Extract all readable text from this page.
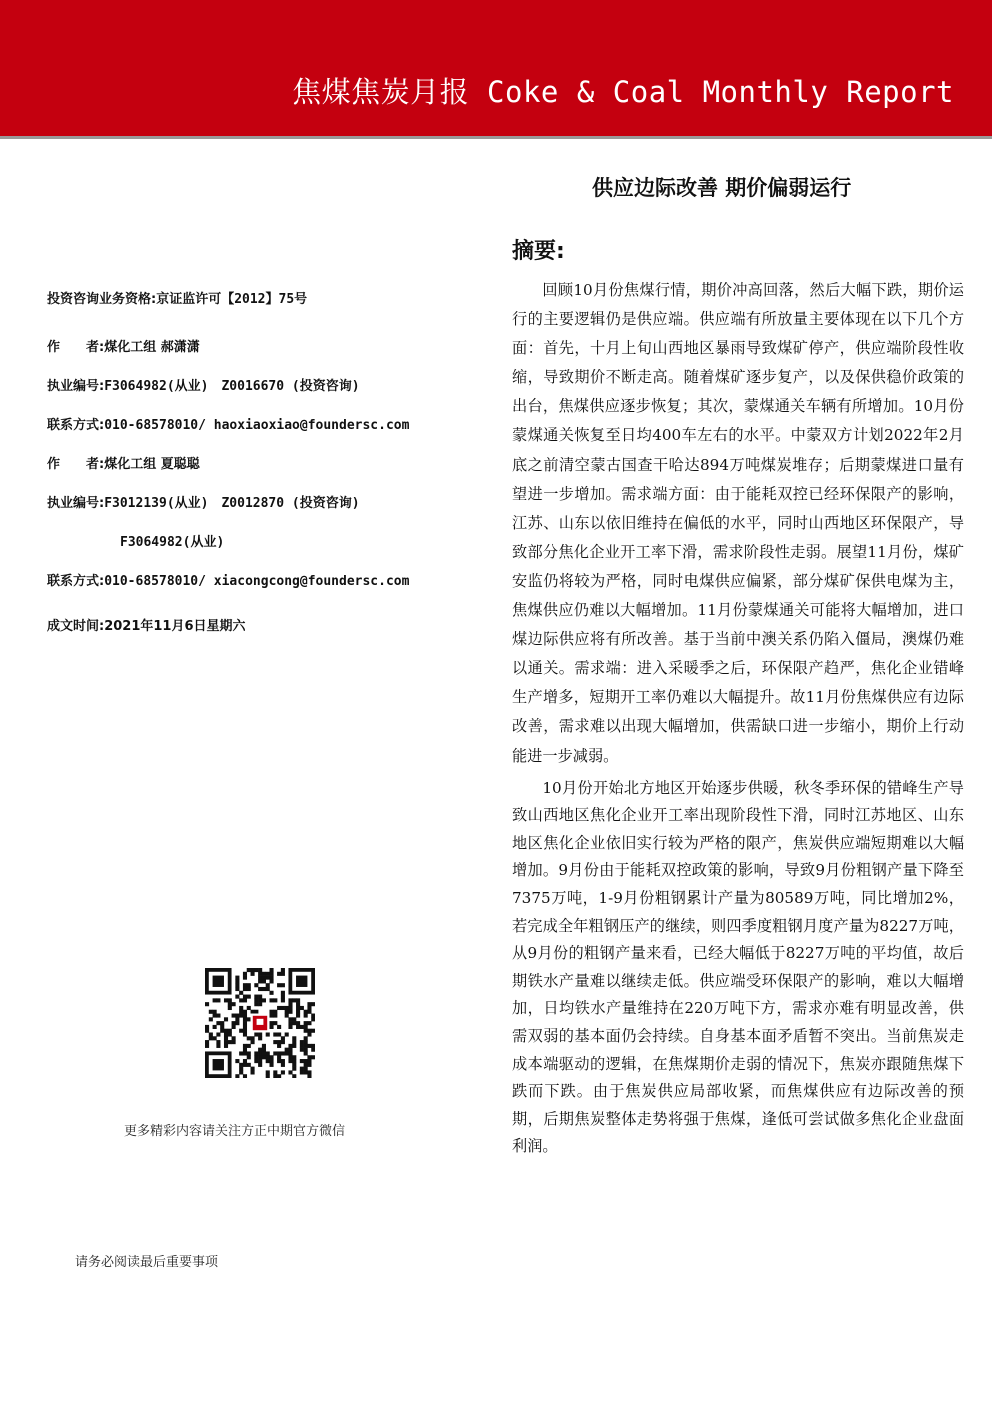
焦煤焦炭月报 Coke & Coal Monthly Report
供应边际改善 期价偏弱运行
摘要:
投资咨询业务资格:京证监许可【2012】75号
作　　者:煤化工组 郝潇潇
执业编号:F3064982(从业)　Z0016670 (投资咨询)
联系方式:010-68578010/ haoxiaoxiao@foundersc.com
作　　者:煤化工组 夏聪聪
执业编号:F3012139(从业)　Z0012870 (投资咨询)
F3064982(从业)
联系方式:010-68578010/ xiacongcong@foundersc.com
成文时间:2021年11月6日星期六

回顾10月份焦煤行情，期价冲高回落，然后大幅下跌，期价运行的主要逻辑仍是供应端。供应端有所放量主要体现在以下几个方面：首先，十月上旬山西地区暴雨导致煤矿停产，供应端阶段性收缩，导致期价不断走高。随着煤矿逐步复产，以及保供稳价政策的出台，焦煤供应逐步恢复；其次，蒙煤通关车辆有所增加。10月份蒙煤通关恢复至日均400车左右的水平。中蒙双方计划2022年2月底之前清空蒙古国查干哈达894万吨煤炭堆存；后期蒙煤进口量有望进一步增加。需求端方面：由于能耗双控已经环保限产的影响，江苏、山东以依旧维持在偏低的水平，同时山西地区环保限产，导致部分焦化企业开工率下滑，需求阶段性走弱。展望11月份，煤矿安监仍将较为严格，同时电煤供应偏紧，部分煤矿保供电煤为主，焦煤供应仍难以大幅增加。11月份蒙煤通关可能将大幅增加，进口煤边际供应将有所改善。基于当前中澳关系仍陷入僵局，澳煤仍难以通关。需求端：进入采暖季之后，环保限产趋严，焦化企业错峰生产增多，短期开工率仍难以大幅提升。故11月份焦煤供应有边际改善，需求难以出现大幅增加，供需缺口进一步缩小，期价上行动能进一步减弱。

10月份开始北方地区开始逐步供暖，秋冬季环保的错峰生产导致山西地区焦化企业开工率出现阶段性下滑，同时江苏地区、山东地区焦化企业依旧实行较为严格的限产，焦炭供应端短期难以大幅增加。9月份由于能耗双控政策的影响，导致9月份粗钢产量下降至7375万吨，1-9月份粗钢累计产量为80589万吨，同比增加2%，若完成全年粗钢压产的继续，则四季度粗钢月度产量为8227万吨，从9月份的粗钢产量来看，已经大幅低于8227万吨的平均值，故后期铁水产量难以继续走低。供应端受环保限产的影响，难以大幅增加，日均铁水产量维持在220万吨下方，需求亦难有明显改善，供需双弱的基本面仍会持续。自身基本面矛盾暂不突出。当前焦炭走成本端驱动的逻辑，在焦煤期价走弱的情况下，焦炭亦跟随焦煤下跌而下跌。由于焦炭供应局部收紧，而焦煤供应有边际改善的预期，后期焦炭整体走势将强于焦煤，逢低可尝试做多焦化企业盘面利润。

更多精彩内容请关注方正中期官方微信
请务必阅读最后重要事项
